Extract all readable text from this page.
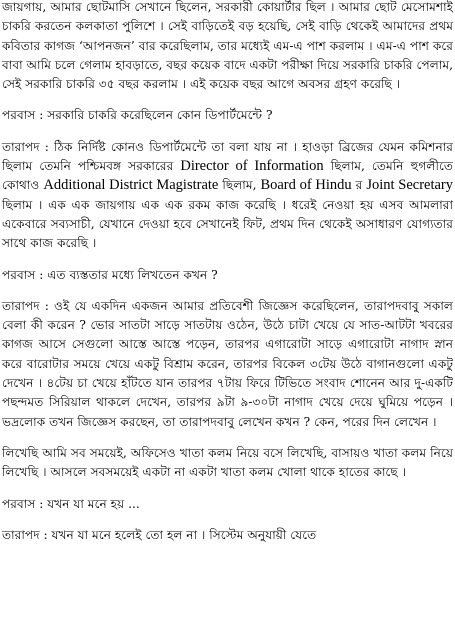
জায়গায়, আমার ছোটমাসি সেখানে ছিলেন, সরকারী কোয়ার্টার ছিল । আমার ছোট মেসোমশাই চাকরি করতেন কলকাতা পুলিশে । সেই বাড়িতেই বড় হয়েছি, সেই বাড়ি থেকেই আমাদের প্রথম কবিতার কাগজ ‘আপনজন’ বার করেছিলাম, তার মধ্যেই এম-এ পাশ করলাম । এম-এ পাশ করে বাবা আমি চলে গেলাম হাবড়াতে, বছর কয়েক বাদে একটা পরীক্ষা দিয়ে সরকারি চাকরি পেলাম, সেই সরকারি চাকরি ৩৫ বছর করলাম । এই কয়েক বছর আগে অবসর গ্রহণ করেছি ।

পরবাস : সরকারি চাকরি করেছিলেন কোন ডিপার্টমেন্টে ?

তারাপদ : ঠিক নির্দিষ্ট কোনও ডিপার্টমেন্টে তা বলা যায় না । হাওড়া ব্রিজের যেমন কমিশনার ছিলাম তেমনি পশ্চিমবঙ্গ সরকারের Director of Information ছিলাম, তেমনি হুগলীতে কোথাও Additional District Magistrate ছিলাম, Board of Hindu র Joint Secretary ছিলাম । এক এক জায়গায় এক এক রকম কাজ করেছি । ধরেই নেওয়া হয় এসব আমলারা একেবারে সব্যসাচী, যেখানে দেওয়া হবে সেখানেই ফিট, প্রথম দিন থেকেই অসাধারণ যোগ্যতার সাথে কাজ করেছি ।

পরবাস : এত ব্যস্ততার মধ্যে লিখতেন কখন ?

তারাপদ : ওই যে একদিন একজন আমার প্রতিবেশী জিজ্ঞেস করেছিলেন, তারাপদবাবু সকাল বেলা কী করেন ? ভোর সাতটা সাড়ে সাতটায় ওঠেন, উঠে চাটা খেয়ে যে সাত-আটটা খবরের কাগজ আসে সেগুলো আস্তে আস্তে পড়েন, তারপর এগারোটা সাড়ে এগারোটা নাগাদ স্নান করে বারোটার সময়ে খেয়ে একটু বিশ্রাম করেন, তারপর বিকেল ৩টেয় উঠে বাগানগুলো একটু দেখেন । ৪টেয় চা খেয়ে হাঁটতে যান তারপর ৭টায় ফিরে টিভিতে সংবাদ শোনেন আর দু-একটি পছন্দমত সিরিয়াল থাকলে দেখেন, তারপর ৯টা ৯-৩০টা নাগাদ খেয়ে দেয়ে ঘুমিয়ে পড়েন । ভদ্রলোক তখন জিজ্ঞেস করছেন, তা তারাপদবাবু লেখেন কখন ? কেন, পরের দিন লেখেন ।

লিখেছি আমি সব সময়েই, অফিসেও খাতা কলম নিয়ে বসে লিখেছি, বাসায়ও খাতা কলম নিয়ে লিখেছি । আসলে সবসময়েই একটা না একটা খাতা কলম খোলা থাকে হাতের কাছে ।

পরবাস : যখন যা মনে হয় ...

তারাপদ : যখন যা মনে হলেই তো হল না । সিস্টেম অনুযায়ী যেতে
